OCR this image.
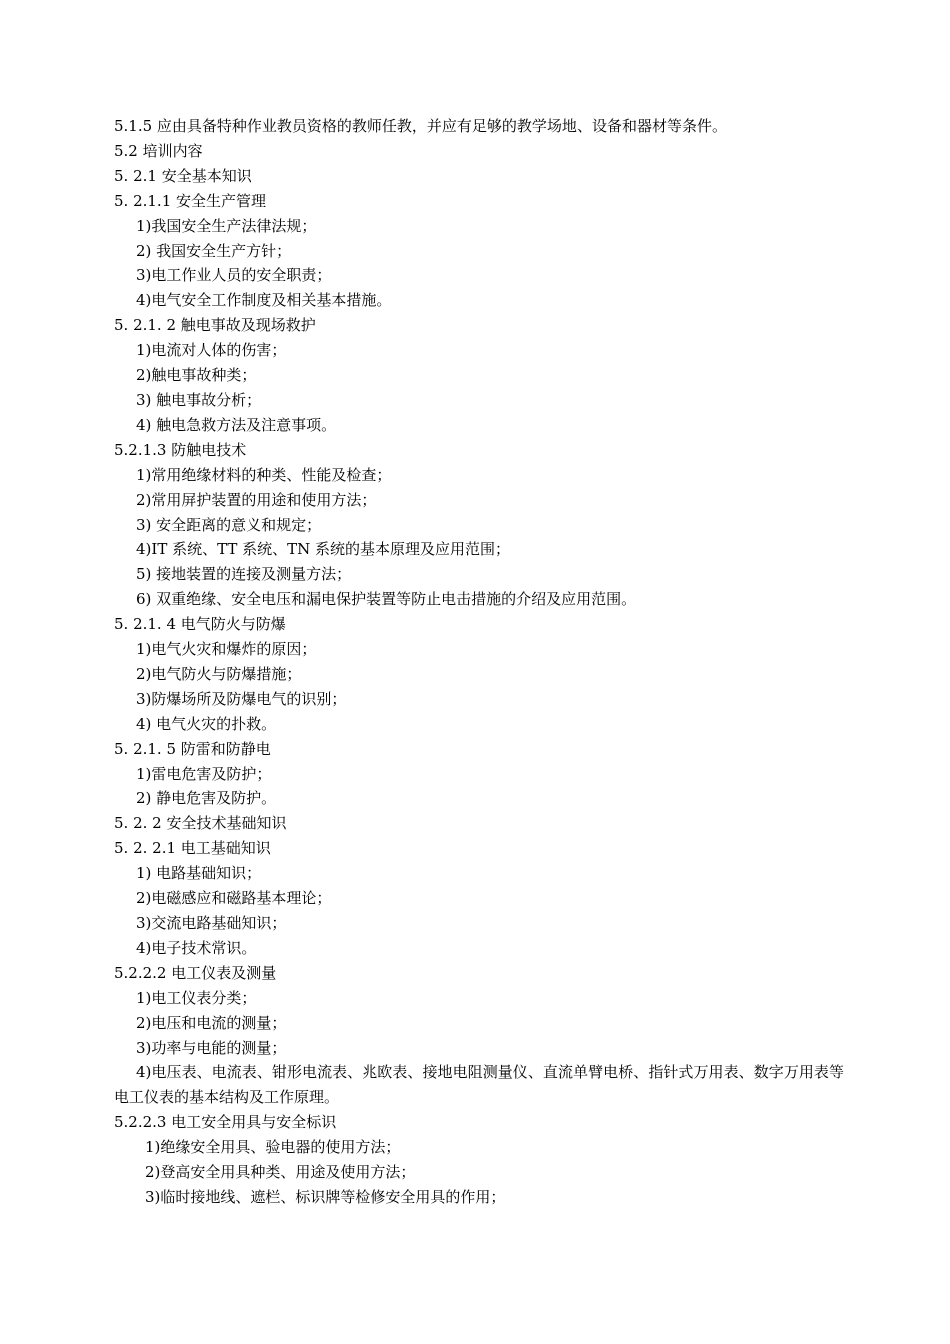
5.1.5 应由具备特种作业教员资格的教师任教，并应有足够的教学场地、设备和器材等条件。
5.2 培训内容
5. 2.1 安全基本知识
5. 2.1.1 安全生产管理
1)我国安全生产法律法规；
2) 我国安全生产方针；
3)电工作业人员的安全职责；
4)电气安全工作制度及相关基本措施。
5. 2.1. 2 触电事故及现场救护
1)电流对人体的伤害；
2)触电事故种类；
3) 触电事故分析；
4) 触电急救方法及注意事项。
5.2.1.3 防触电技术
1)常用绝缘材料的种类、性能及检查；
2)常用屏护装置的用途和使用方法；
3) 安全距离的意义和规定；
4)IT 系统、TT 系统、TN 系统的基本原理及应用范围；
5) 接地装置的连接及测量方法；
6) 双重绝缘、安全电压和漏电保护装置等防止电击措施的介绍及应用范围。
5. 2.1. 4 电气防火与防爆
1)电气火灾和爆炸的原因；
2)电气防火与防爆措施；
3)防爆场所及防爆电气的识别；
4) 电气火灾的扑救。
5. 2.1. 5 防雷和防静电
1)雷电危害及防护；
2) 静电危害及防护。
5. 2. 2 安全技术基础知识
5. 2. 2.1 电工基础知识
1) 电路基础知识；
2)电磁感应和磁路基本理论；
3)交流电路基础知识；
4)电子技术常识。
5.2.2.2 电工仪表及测量
1)电工仪表分类；
2)电压和电流的测量；
3)功率与电能的测量；
4)电压表、电流表、钳形电流表、兆欧表、接地电阻测量仪、直流单臂电桥、指针式万用表、数字万用表等电工仪表的基本结构及工作原理。
5.2.2.3 电工安全用具与安全标识
1)绝缘安全用具、验电器的使用方法；
2)登高安全用具种类、用途及使用方法；
3)临时接地线、遮栏、标识牌等检修安全用具的作用；
